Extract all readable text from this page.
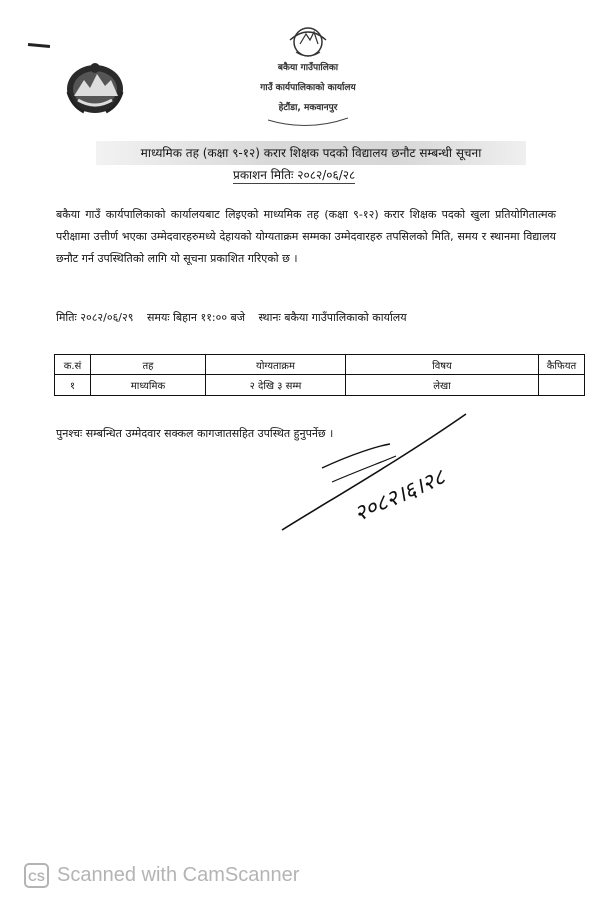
बकैया गाउँपालिका
गाउँ कार्यपालिकाको कार्यालय
हेटौंडा, मकवानपुर
माध्यमिक तह (कक्षा ९-१२) करार शिक्षक पदको विद्यालय छनौट सम्बन्धी सूचना
प्रकाशन मितिः २०८२/०६/२८

बकैया गाउँ कार्यपालिकाको कार्यालयबाट लिइएको माध्यमिक तह (कक्षा ९-१२) करार शिक्षक पदको खुला प्रतियोगितात्मक परीक्षामा उत्तीर्ण भएका उम्मेदवारहरुमध्ये देहायको योग्यताक्रम सम्मका उम्मेदवारहरु तपसिलको मिति, समय र स्थानमा विद्यालय छनौट गर्न उपस्थितिको लागि यो सूचना प्रकाशित गरिएको छ ।

मितिः २०८२/०६/२९ समयः बिहान ११:०० बजे स्थानः बकैया गाउँपालिकाको कार्यालय
क.सं	तह	योग्यताक्रम	विषय	कैफियत
१	माध्यमिक	२ देखि ३ सम्म	लेखा	
पुनश्चः सम्बन्धित उम्मेदवार सक्कल कागजातसहित उपस्थित हुनुपर्नेछ ।
२०८२।६।२८
CS Scanned with CamScanner
